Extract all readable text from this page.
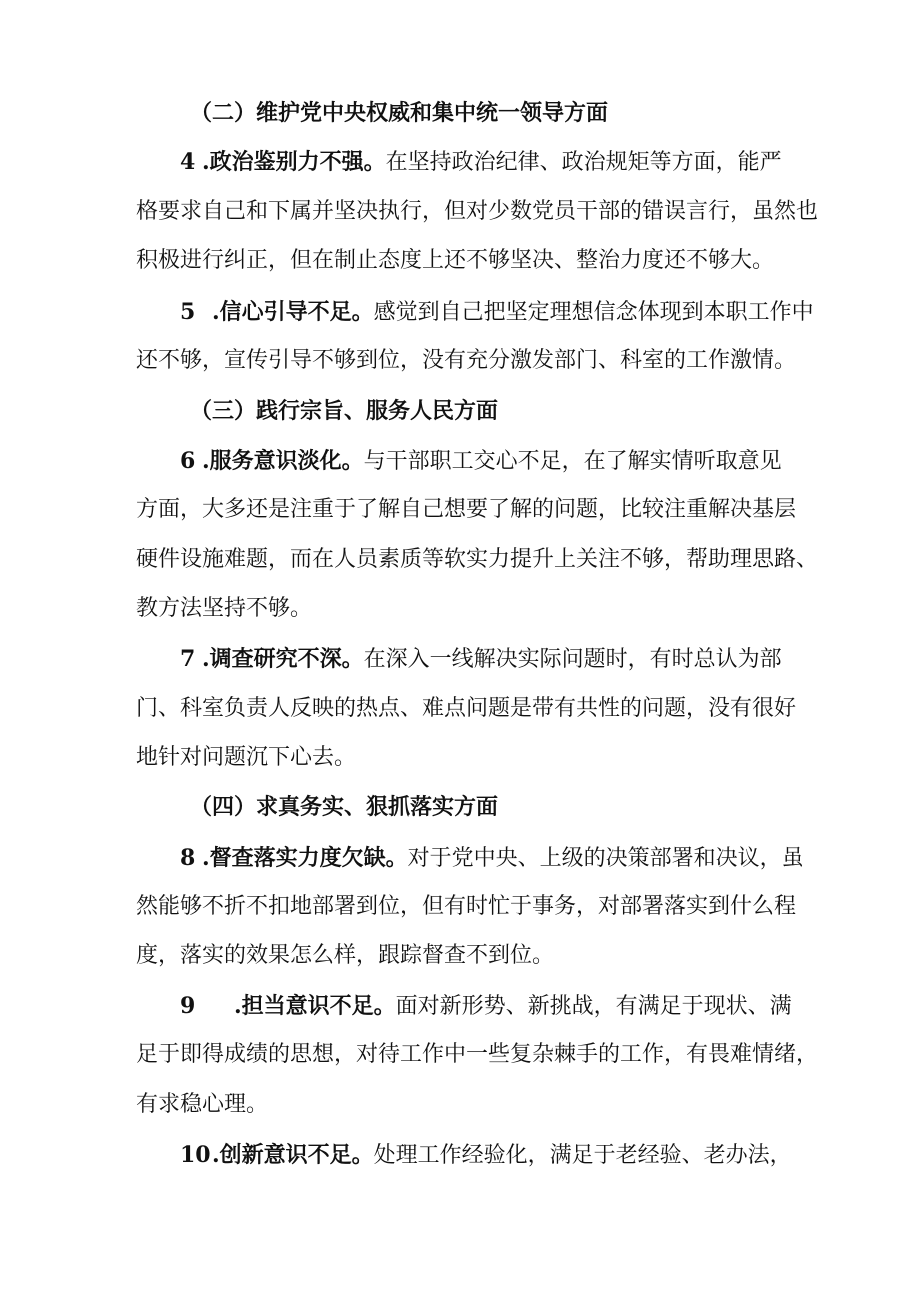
（二）维护党中央权威和集中统一领导方面
4 .政治鉴别力不强。在坚持政治纪律、政治规矩等方面，能严
格要求自己和下属并坚决执行，但对少数党员干部的错误言行，虽然也
积极进行纠正，但在制止态度上还不够坚决、整治力度还不够大。
5 .信心引导不足。感觉到自己把坚定理想信念体现到本职工作中
还不够，宣传引导不够到位，没有充分激发部门、科室的工作激情。
（三）践行宗旨、服务人民方面
6 .服务意识淡化。与干部职工交心不足，在了解实情听取意见
方面，大多还是注重于了解自己想要了解的问题，比较注重解决基层
硬件设施难题，而在人员素质等软实力提升上关注不够，帮助理思路、
教方法坚持不够。
7 .调查研究不深。在深入一线解决实际问题时，有时总认为部
门、科室负责人反映的热点、难点问题是带有共性的问题，没有很好
地针对问题沉下心去。
（四）求真务实、狠抓落实方面
8 .督查落实力度欠缺。对于党中央、上级的决策部署和决议，虽
然能够不折不扣地部署到位，但有时忙于事务，对部署落实到什么程
度，落实的效果怎么样，跟踪督查不到位。
9 .担当意识不足。面对新形势、新挑战，有满足于现状、满
足于即得成绩的思想，对待工作中一些复杂棘手的工作，有畏难情绪，
有求稳心理。
10.创新意识不足。处理工作经验化，满足于老经验、老办法，
